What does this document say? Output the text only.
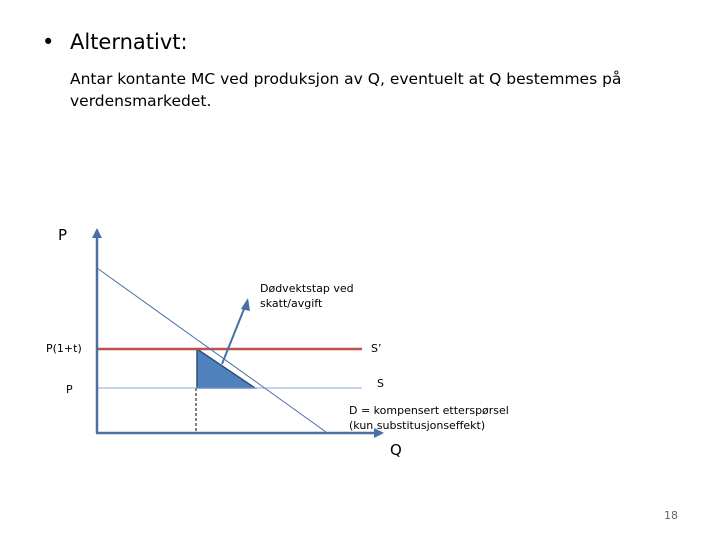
• Alternativt:
Antar kontante MC ved produksjon av Q, eventuelt at Q bestemmes på
verdensmarkedet.
P
Q
P(1+t)
P
S’
S
D = kompensert etterspørsel
(kun substitusjonseffekt)
Dødvektstap ved
skatt/avgift
18
